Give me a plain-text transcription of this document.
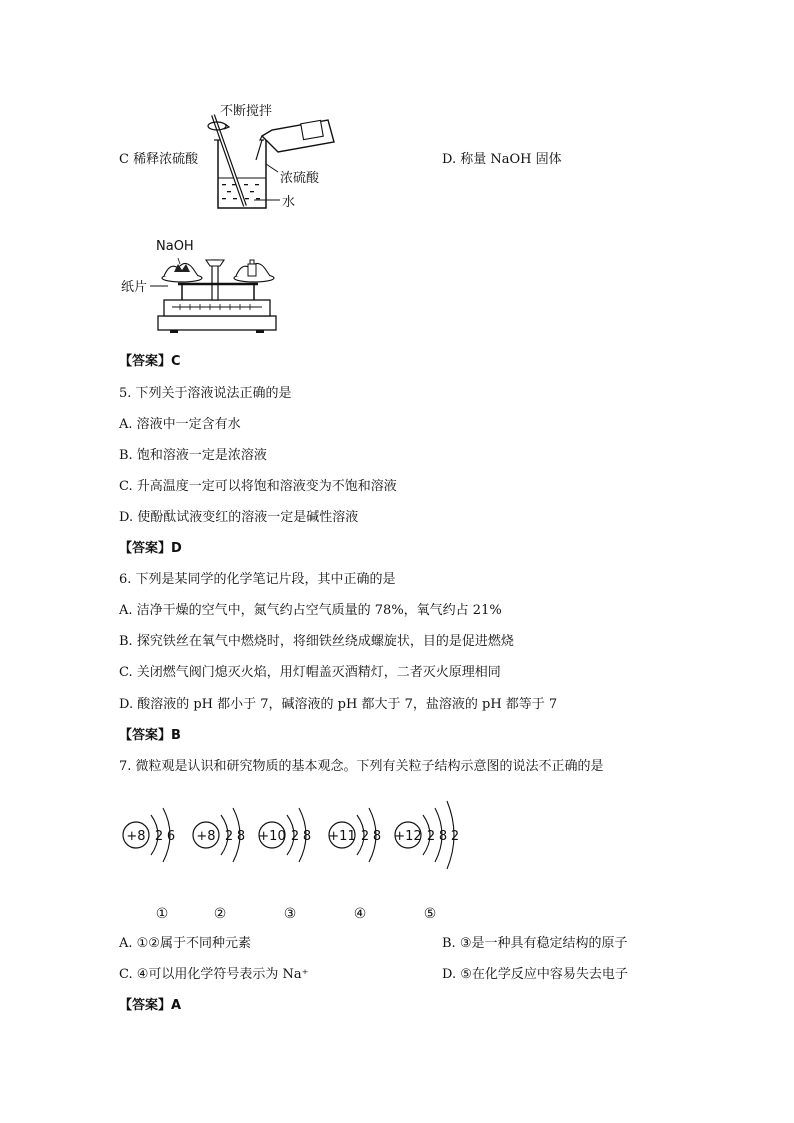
C 稀释浓硫酸	D. 称量 NaOH 固体
不断搅拌
浓硫酸
水
NaOH
纸片
【答案】C
5. 下列关于溶液说法正确的是
A. 溶液中一定含有水
B. 饱和溶液一定是浓溶液
C. 升高温度一定可以将饱和溶液变为不饱和溶液
D. 使酚酞试液变红的溶液一定是碱性溶液
【答案】D
6. 下列是某同学的化学笔记片段，其中正确的是
A. 洁净干燥的空气中，氮气约占空气质量的 78%，氧气约占 21%
B. 探究铁丝在氧气中燃烧时，将细铁丝绕成螺旋状，目的是促进燃烧
C. 关闭燃气阀门熄灭火焰，用灯帽盖灭酒精灯，二者灭火原理相同
D. 酸溶液的 pH 都小于 7，碱溶液的 pH 都大于 7，盐溶液的 pH 都等于 7
【答案】B
7. 微粒观是认识和研究物质的基本观念。下列有关粒子结构示意图的说法不正确的是
+8 2 6
①
+8 2 8
②
+10 2 8
③
+11 2 8
④
+12 2 8 2
⑤
A. ①②属于不同种元素	B. ③是一种具有稳定结构的原子
C. ④可以用化学符号表示为 Na⁺	D. ⑤在化学反应中容易失去电子
【答案】A
